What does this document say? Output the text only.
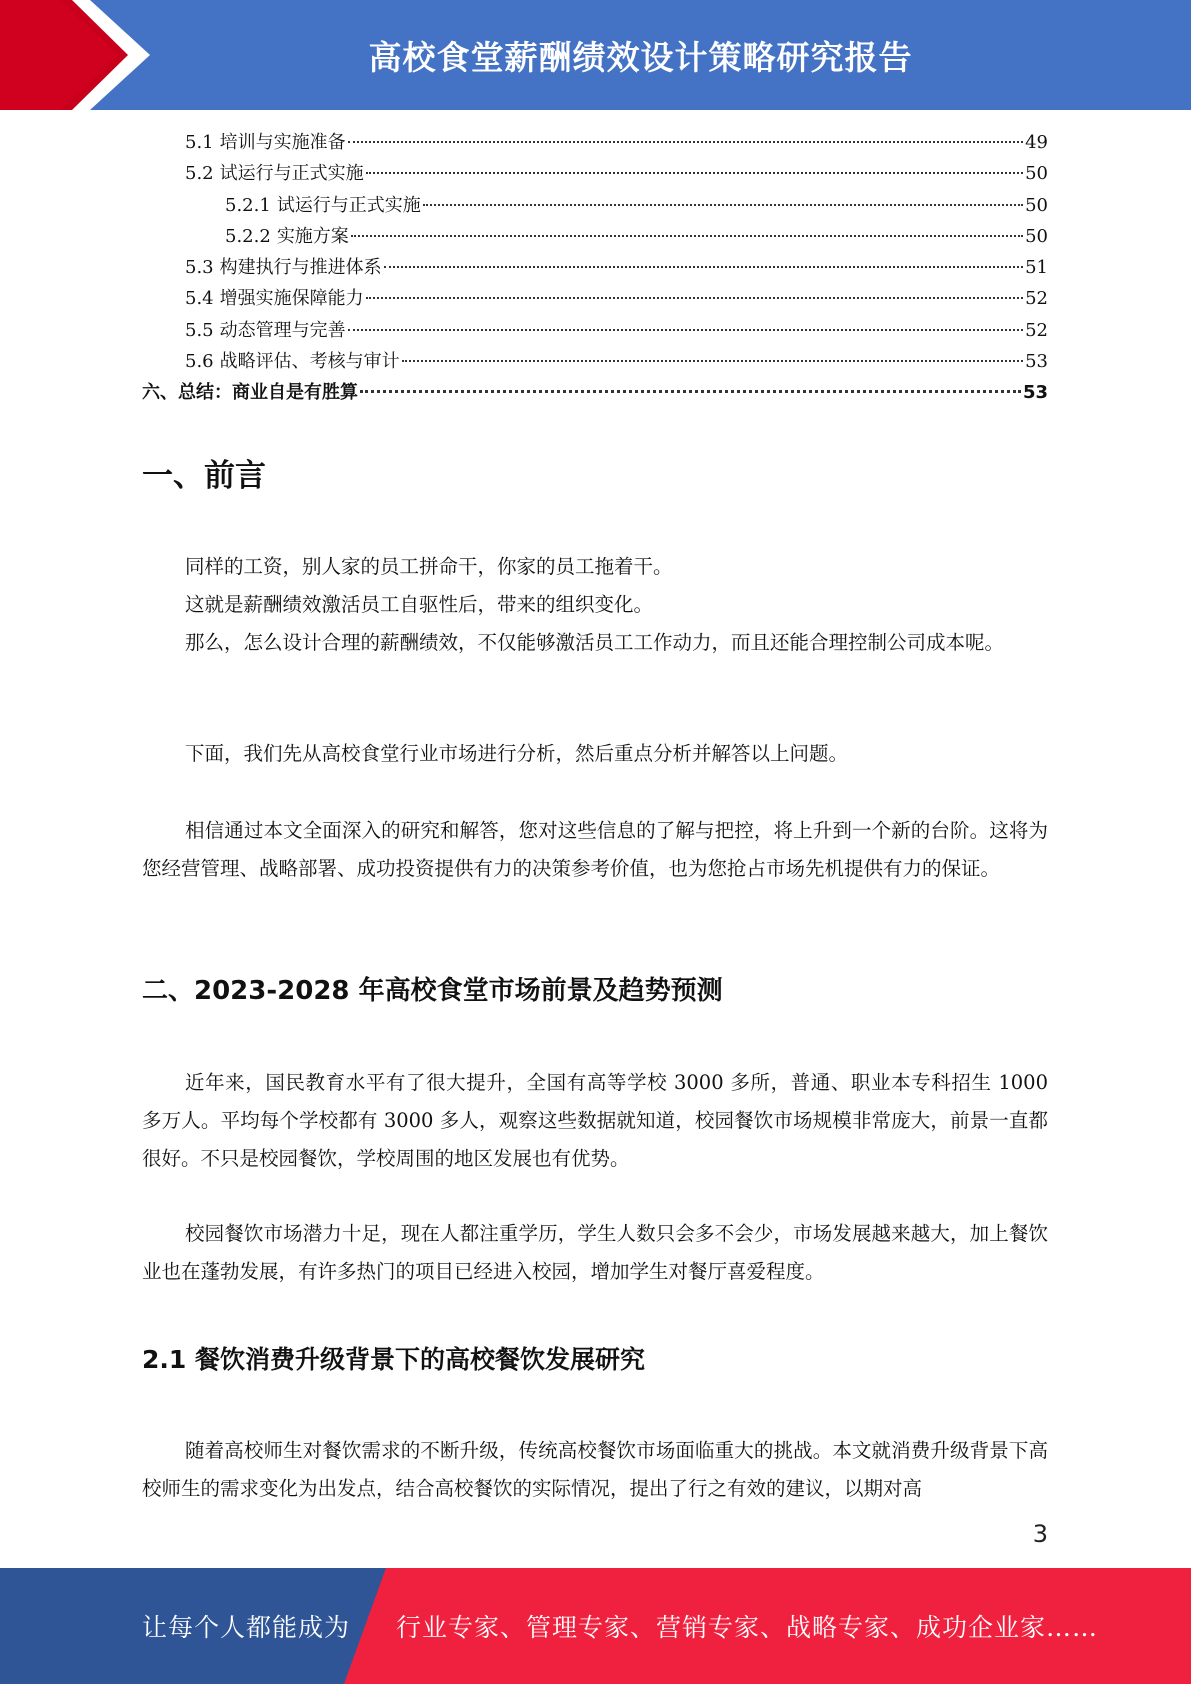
高校食堂薪酬绩效设计策略研究报告
5.1 培训与实施准备	49
5.2 试运行与正式实施	50
5.2.1 试运行与正式实施	50
5.2.2 实施方案	50
5.3 构建执行与推进体系	51
5.4 增强实施保障能力	52
5.5 动态管理与完善	52
5.6 战略评估、考核与审计	53
六、总结：商业自是有胜算	53
一、前言
同样的工资，别人家的员工拼命干，你家的员工拖着干。
这就是薪酬绩效激活员工自驱性后，带来的组织变化。
那么，怎么设计合理的薪酬绩效，不仅能够激活员工工作动力，而且还能合理控制公司成本呢。
下面，我们先从高校食堂行业市场进行分析，然后重点分析并解答以上问题。
相信通过本文全面深入的研究和解答，您对这些信息的了解与把控，将上升到一个新的台阶。这将为您经营管理、战略部署、成功投资提供有力的决策参考价值，也为您抢占市场先机提供有力的保证。
二、2023-2028 年高校食堂市场前景及趋势预测
近年来，国民教育水平有了很大提升，全国有高等学校 3000 多所，普通、职业本专科招生 1000 多万人。平均每个学校都有 3000 多人，观察这些数据就知道，校园餐饮市场规模非常庞大，前景一直都很好。不只是校园餐饮，学校周围的地区发展也有优势。
校园餐饮市场潜力十足，现在人都注重学历，学生人数只会多不会少，市场发展越来越大，加上餐饮业也在蓬勃发展，有许多热门的项目已经进入校园，增加学生对餐厅喜爱程度。
2.1 餐饮消费升级背景下的高校餐饮发展研究
随着高校师生对餐饮需求的不断升级，传统高校餐饮市场面临重大的挑战。本文就消费升级背景下高校师生的需求变化为出发点，结合高校餐饮的实际情况，提出了行之有效的建议，以期对高
3
让每个人都能成为 行业专家、管理专家、营销专家、战略专家、成功企业家……
